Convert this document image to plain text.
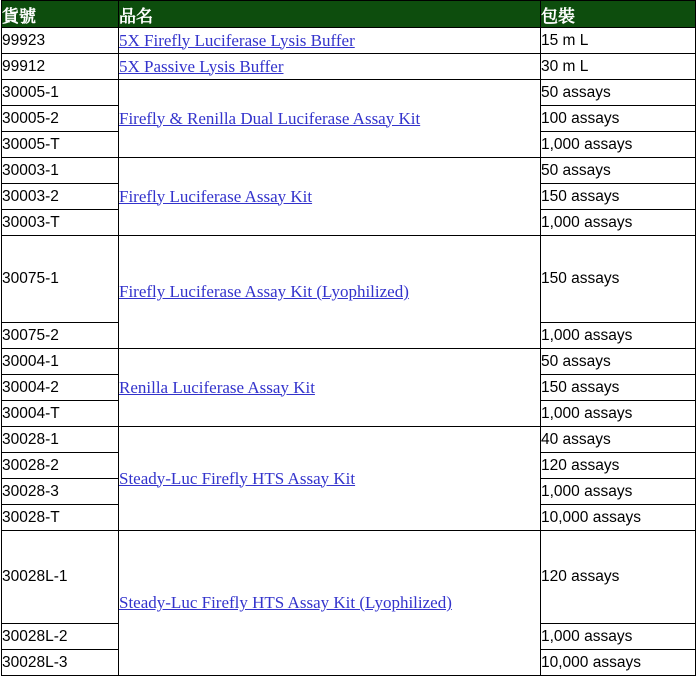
貨號	品名	包裝
99923	5X Firefly Luciferase Lysis Buffer	15 m L
99912	5X Passive Lysis Buffer	30 m L
30005-1	Firefly & Renilla Dual Luciferase Assay Kit	50 assays
30005-2		100 assays
30005-T		1,000 assays
30003-1	Firefly Luciferase Assay Kit	50 assays
30003-2		150 assays
30003-T		1,000 assays
30075-1	Firefly Luciferase Assay Kit (Lyophilized)	150 assays
30075-2		1,000 assays
30004-1	Renilla Luciferase Assay Kit	50 assays
30004-2		150 assays
30004-T		1,000 assays
30028-1	Steady-Luc Firefly HTS Assay Kit	40 assays
30028-2		120 assays
30028-3		1,000 assays
30028-T		10,000 assays
30028L-1	Steady-Luc Firefly HTS Assay Kit (Lyophilized)	120 assays
30028L-2		1,000 assays
30028L-3		10,000 assays
